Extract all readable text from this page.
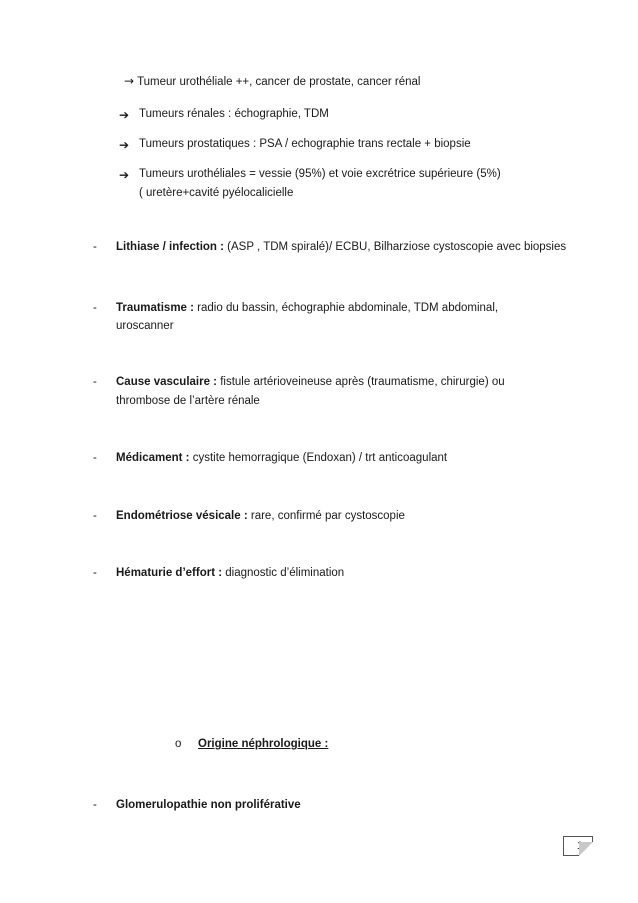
→ Tumeur urothéliale ++, cancer de prostate, cancer rénal
➔ Tumeurs rénales : échographie, TDM
➔ Tumeurs prostatiques : PSA / echographie trans rectale + biopsie
➔ Tumeurs urothéliales = vessie (95%) et voie excrétrice supérieure (5%)
( uretère+cavité pyélocalicielle
- Lithiase / infection : (ASP , TDM spiralé)/ ECBU, Bilharziose cystoscopie avec biopsies
- Traumatisme : radio du bassin, échographie abdominale, TDM abdominal,
uroscanner
- Cause vasculaire : fistule artérioveineuse après (traumatisme, chirurgie) ou
thrombose de l’artère rénale
- Médicament : cystite hemorragique (Endoxan) / trt anticoagulant
- Endométriose vésicale : rare, confirmé par cystoscopie
- Hématurie d’effort : diagnostic d’élimination
o Origine néphrologique :
- Glomerulopathie non proliférative
1
